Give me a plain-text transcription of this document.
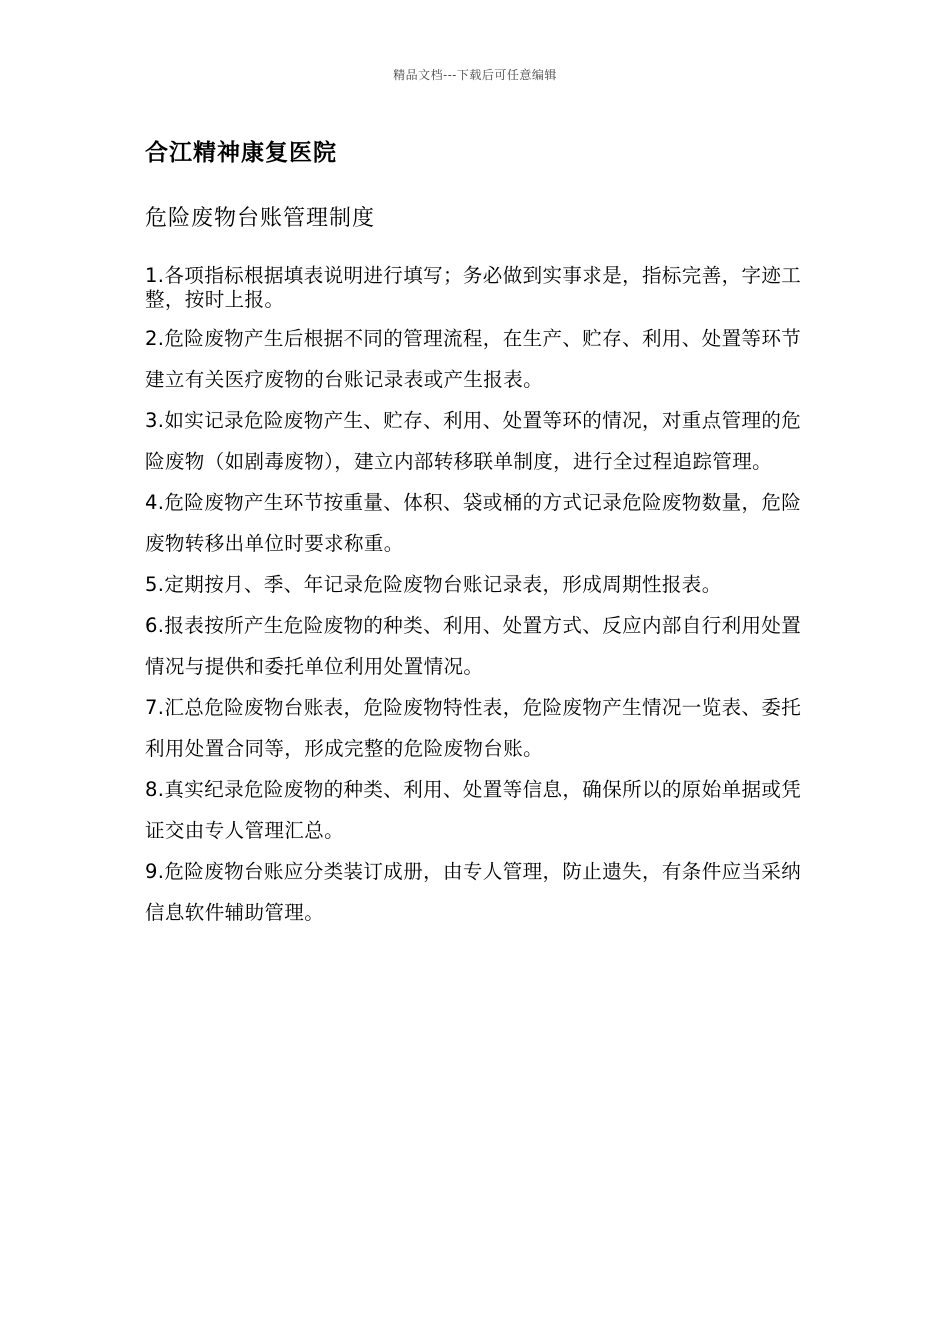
精品文档---下载后可任意编辑
合江精神康复医院
危险废物台账管理制度
1.各项指标根据填表说明进行填写；务必做到实事求是，指标完善，字迹工整，按时上报。
2.危险废物产生后根据不同的管理流程，在生产、贮存、利用、处置等环节建立有关医疗废物的台账记录表或产生报表。
3.如实记录危险废物产生、贮存、利用、处置等环的情况，对重点管理的危险废物（如剧毒废物），建立内部转移联单制度，进行全过程追踪管理。
4.危险废物产生环节按重量、体积、袋或桶的方式记录危险废物数量，危险废物转移出单位时要求称重。
5.定期按月、季、年记录危险废物台账记录表，形成周期性报表。
6.报表按所产生危险废物的种类、利用、处置方式、反应内部自行利用处置情况与提供和委托单位利用处置情况。
7.汇总危险废物台账表，危险废物特性表，危险废物产生情况一览表、委托利用处置合同等，形成完整的危险废物台账。
8.真实纪录危险废物的种类、利用、处置等信息，确保所以的原始单据或凭证交由专人管理汇总。
9.危险废物台账应分类装订成册，由专人管理，防止遗失，有条件应当采纳信息软件辅助管理。
